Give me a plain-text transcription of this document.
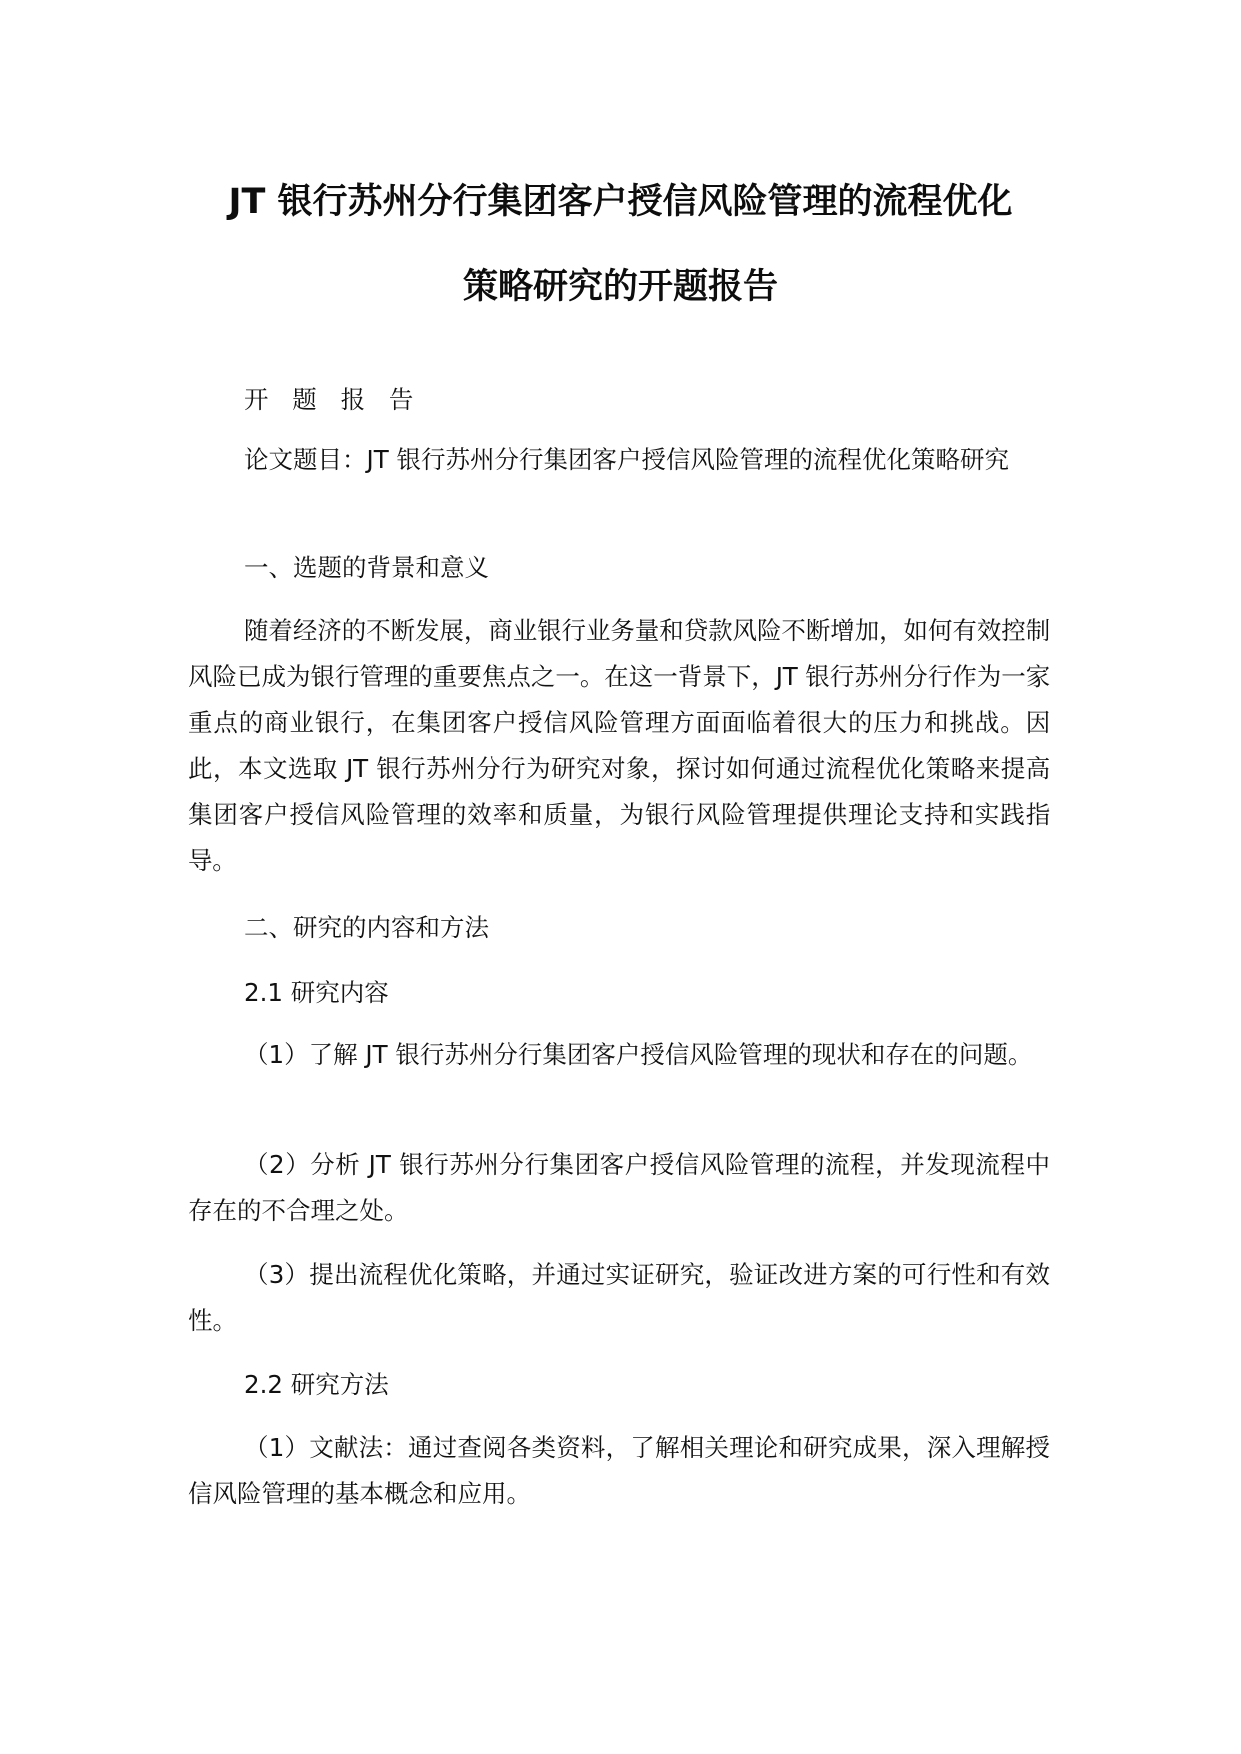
JT 银行苏州分行集团客户授信风险管理的流程优化
策略研究的开题报告
开 题 报 告
论文题目：JT 银行苏州分行集团客户授信风险管理的流程优化策略研究
一、选题的背景和意义
随着经济的不断发展，商业银行业务量和贷款风险不断增加，如何有效控制风险已成为银行管理的重要焦点之一。在这一背景下，JT 银行苏州分行作为一家重点的商业银行，在集团客户授信风险管理方面面临着很大的压力和挑战。因此，本文选取 JT 银行苏州分行为研究对象，探讨如何通过流程优化策略来提高集团客户授信风险管理的效率和质量，为银行风险管理提供理论支持和实践指导。
二、研究的内容和方法
2.1 研究内容
（1）了解 JT 银行苏州分行集团客户授信风险管理的现状和存在的问题。
（2）分析 JT 银行苏州分行集团客户授信风险管理的流程，并发现流程中存在的不合理之处。
（3）提出流程优化策略，并通过实证研究，验证改进方案的可行性和有效性。
2.2 研究方法
（1）文献法：通过查阅各类资料，了解相关理论和研究成果，深入理解授信风险管理的基本概念和应用。
